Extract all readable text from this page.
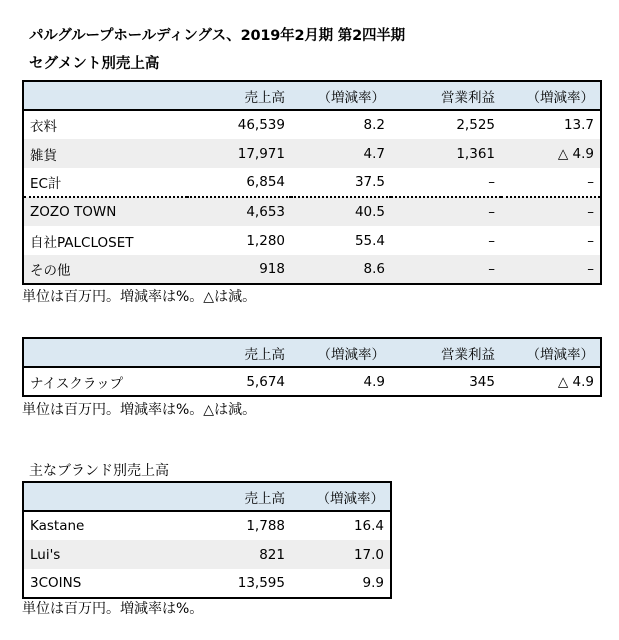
パルグループホールディングス、2019年2月期 第2四半期
セグメント別売上高
	売上高	（増減率）	営業利益	（増減率）
衣料	46,539	8.2	2,525	13.7
雑貨	17,971	4.7	1,361	△ 4.9
EC計	6,854	37.5	–	–
ZOZO TOWN	4,653	40.5	–	–
自社PALCLOSET	1,280	55.4	–	–
その他	918	8.6	–	–
単位は百万円。増減率は%。△は減。
	売上高	（増減率）	営業利益	（増減率）
ナイスクラップ	5,674	4.9	345	△ 4.9
単位は百万円。増減率は%。△は減。
主なブランド別売上高
	売上高	（増減率）
Kastane	1,788	16.4
Lui's	821	17.0
3COINS	13,595	9.9
単位は百万円。増減率は%。
